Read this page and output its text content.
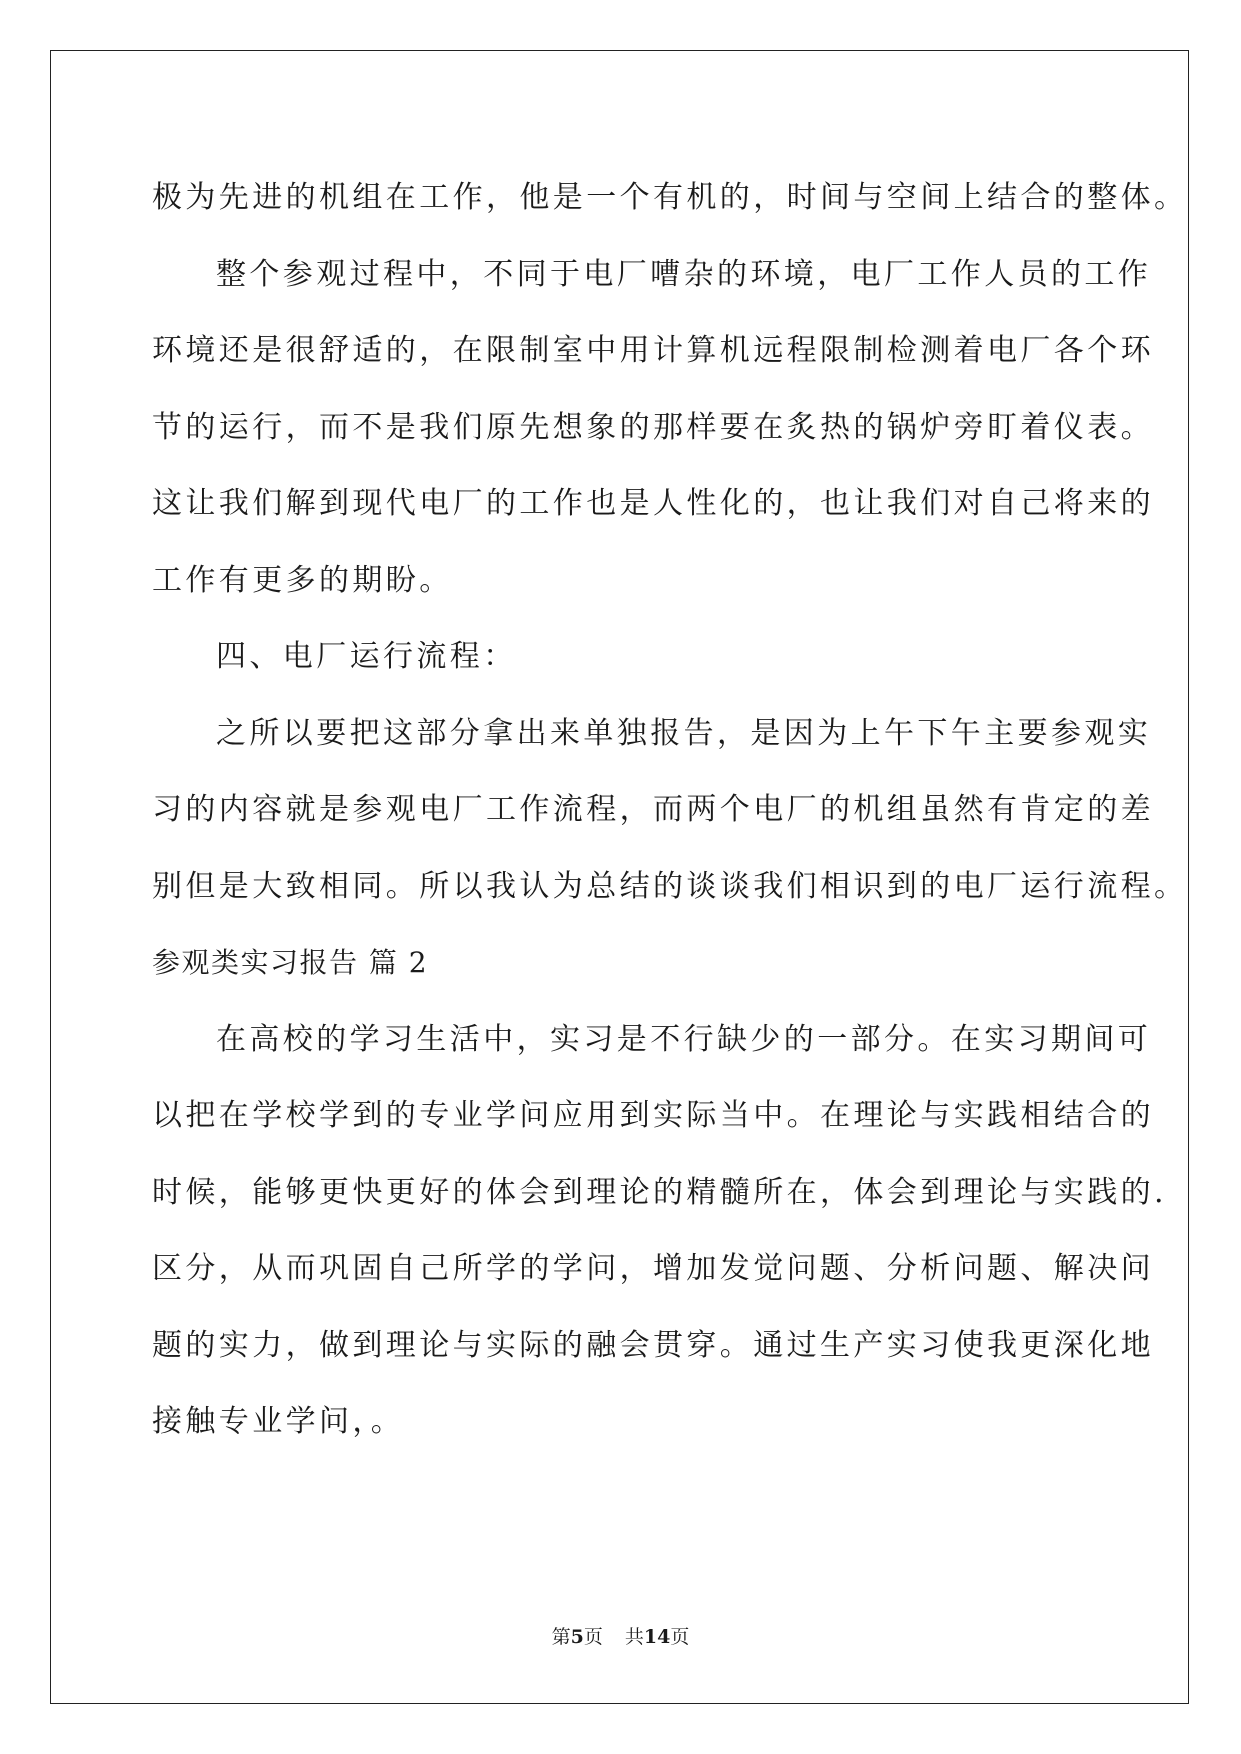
极为先进的机组在工作，他是一个有机的，时间与空间上结合的整体。
整个参观过程中，不同于电厂嘈杂的环境，电厂工作人员的工作
环境还是很舒适的，在限制室中用计算机远程限制检测着电厂各个环
节的运行，而不是我们原先想象的那样要在炙热的锅炉旁盯着仪表。
这让我们解到现代电厂的工作也是人性化的，也让我们对自己将来的
工作有更多的期盼。
四、电厂运行流程：
之所以要把这部分拿出来单独报告，是因为上午下午主要参观实
习的内容就是参观电厂工作流程，而两个电厂的机组虽然有肯定的差
别但是大致相同。所以我认为总结的谈谈我们相识到的电厂运行流程。
参观类实习报告 篇 2
在高校的学习生活中，实习是不行缺少的一部分。在实习期间可
以把在学校学到的专业学问应用到实际当中。在理论与实践相结合的
时候，能够更快更好的体会到理论的精髓所在，体会到理论与实践的.
区分，从而巩固自己所学的学问，增加发觉问题、分析问题、解决问
题的实力，做到理论与实际的融会贯穿。通过生产实习使我更深化地
接触专业学问，。
第5页 共14页
